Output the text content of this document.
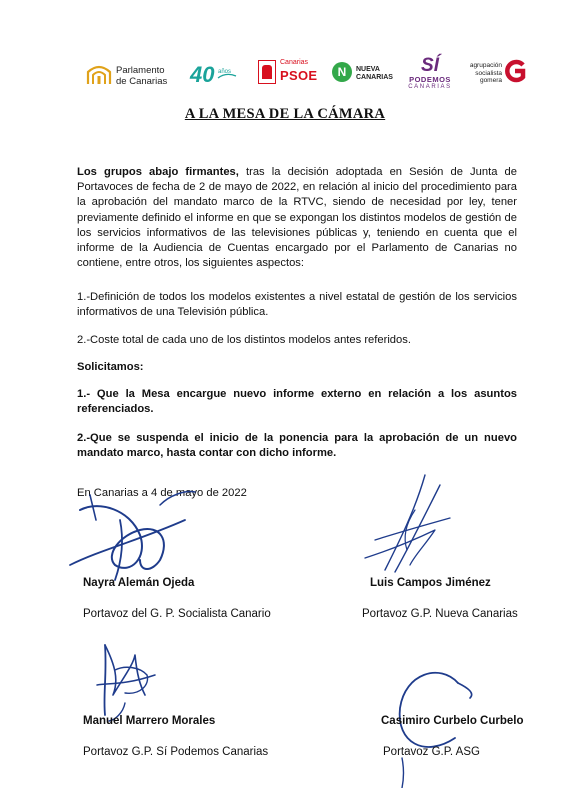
Parlamento
de Canarias 40 años
Canarias
PSOE	N	NUEVA
CANARIAS
SÍ
PODEMOS
CANARIAS
agrupación
socialista
gomera
A LA MESA DE LA CÁMARA
Los grupos abajo firmantes, tras la decisión adoptada en Sesión de Junta de Portavoces de fecha de 2 de mayo de 2022, en relación al inicio del procedimiento para la aprobación del mandato marco de la RTVC, siendo de necesidad por ley, tener previamente definido el informe en que se expongan los distintos modelos de gestión de los servicios informativos de las televisiones públicas y, teniendo en cuenta que el informe de la Audiencia de Cuentas encargado por el Parlamento de Canarias no contiene, entre otros, los siguientes aspectos:
1.-Definición de todos los modelos existentes a nivel estatal de gestión de los servicios informativos de una Televisión pública.
2.-Coste total de cada uno de los distintos modelos antes referidos.
Solicitamos:
1.- Que la Mesa encargue nuevo informe externo en relación a los asuntos referenciados.
2.-Que se suspenda el inicio de la ponencia para la aprobación de un nuevo mandato marco, hasta contar con dicho informe.
En Canarias a 4 de mayo de 2022
Nayra Alemán Ojeda
Portavoz del G. P. Socialista Canario
Luis Campos Jiménez
Portavoz G.P. Nueva Canarias
Manuel Marrero Morales
Portavoz G.P. Sí Podemos Canarias
Casimiro Curbelo Curbelo
Portavoz G.P. ASG
